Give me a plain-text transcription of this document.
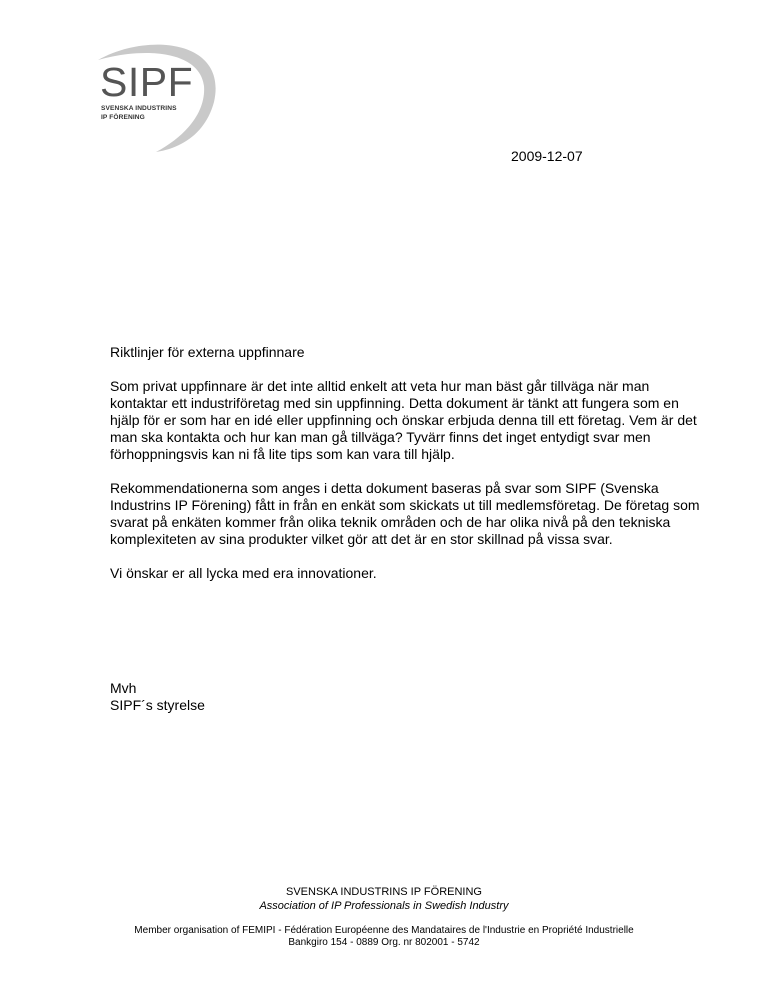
SIPF
SVENSKA INDUSTRINS
IP FÖRENING
2009-12-07

Riktlinjer för externa uppfinnare

Som privat uppfinnare är det inte alltid enkelt att veta hur man bäst går tillväga när man kontaktar ett industriföretag med sin uppfinning. Detta dokument är tänkt att fungera som en hjälp för er som har en idé eller uppfinning och önskar erbjuda denna till ett företag. Vem är det man ska kontakta och hur kan man gå tillväga? Tyvärr finns det inget entydigt svar men förhoppningsvis kan ni få lite tips som kan vara till hjälp.

Rekommendationerna som anges i detta dokument baseras på svar som SIPF (Svenska Industrins IP Förening) fått in från en enkät som skickats ut till medlemsföretag. De företag som svarat på enkäten kommer från olika teknik områden och de har olika nivå på den tekniska komplexiteten av sina produkter vilket gör att det är en stor skillnad på vissa svar.

Vi önskar er all lycka med era innovationer.

Mvh
SIPF´s styrelse
SVENSKA INDUSTRINS IP FÖRENING
Association of IP Professionals in Swedish Industry
Member organisation of FEMIPI - Fédération Européenne des Mandataires de l'Industrie en Propriété Industrielle
Bankgiro 154 - 0889 Org. nr 802001 - 5742
